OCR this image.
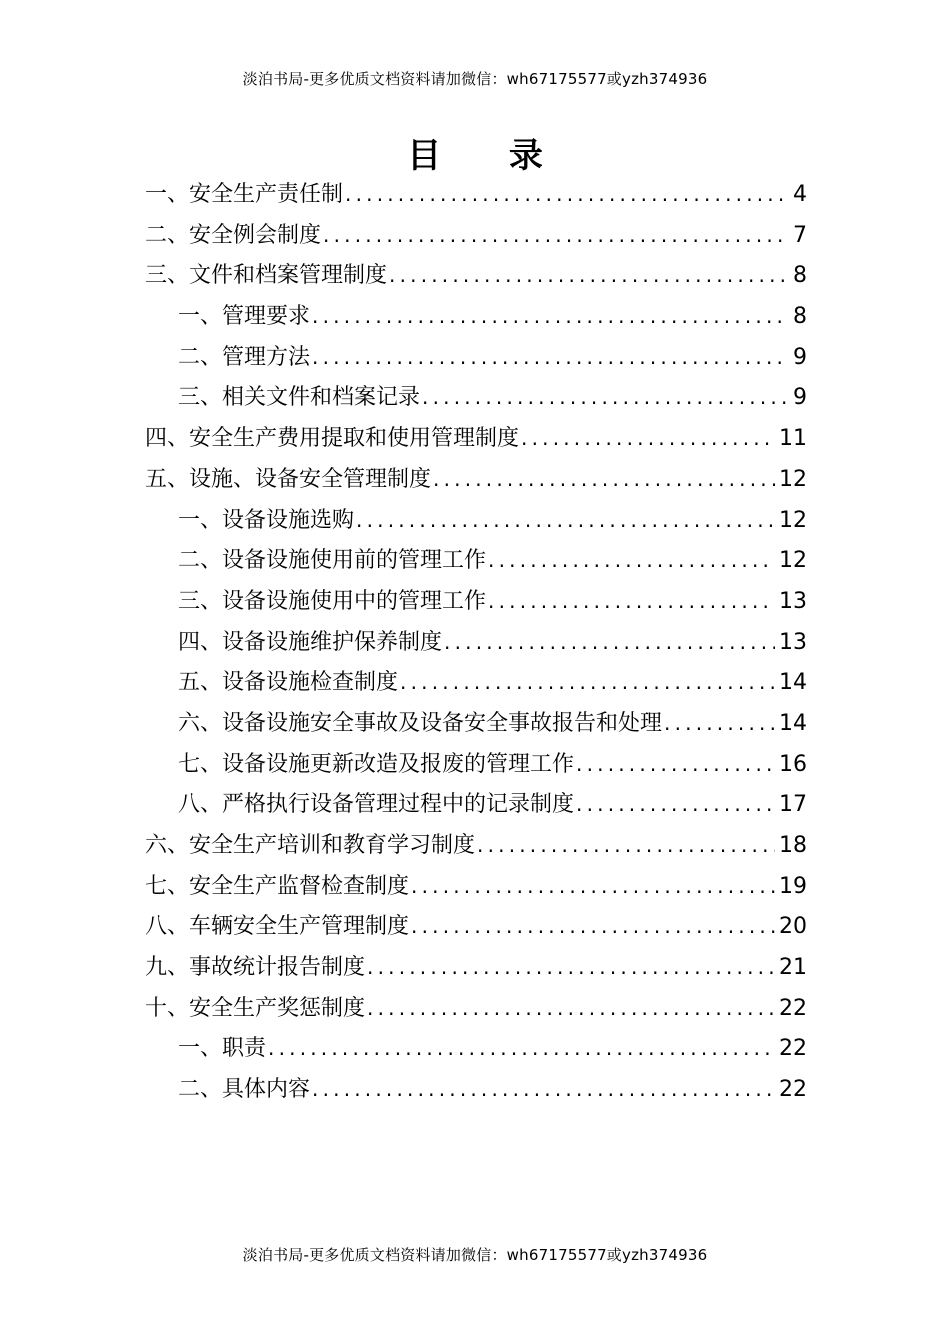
淡泊书局-更多优质文档资料请加微信：wh67175577或yzh374936
目 录
一、安全生产责任制 .....	4
二、安全例会制度 .....	7
三、文件和档案管理制度 .....	8
一、管理要求 .....	8
二、管理方法 .....	9
三、相关文件和档案记录 .....	9
四、安全生产费用提取和使用管理制度 .....	11
五、设施、设备安全管理制度 .....	12
一、设备设施选购 .....	12
二、设备设施使用前的管理工作 .....	12
三、设备设施使用中的管理工作 .....	13
四、设备设施维护保养制度 .....	13
五、设备设施检查制度 .....	14
六、设备设施安全事故及设备安全事故报告和处理 .....	14
七、设备设施更新改造及报废的管理工作 .....	16
八、严格执行设备管理过程中的记录制度 .....	17
六、安全生产培训和教育学习制度 .....	18
七、安全生产监督检查制度 .....	19
八、车辆安全生产管理制度 .....	20
九、事故统计报告制度 .....	21
十、安全生产奖惩制度 .....	22
一、职责 .....	22
二、具体内容 .....	22
淡泊书局-更多优质文档资料请加微信：wh67175577或yzh374936
